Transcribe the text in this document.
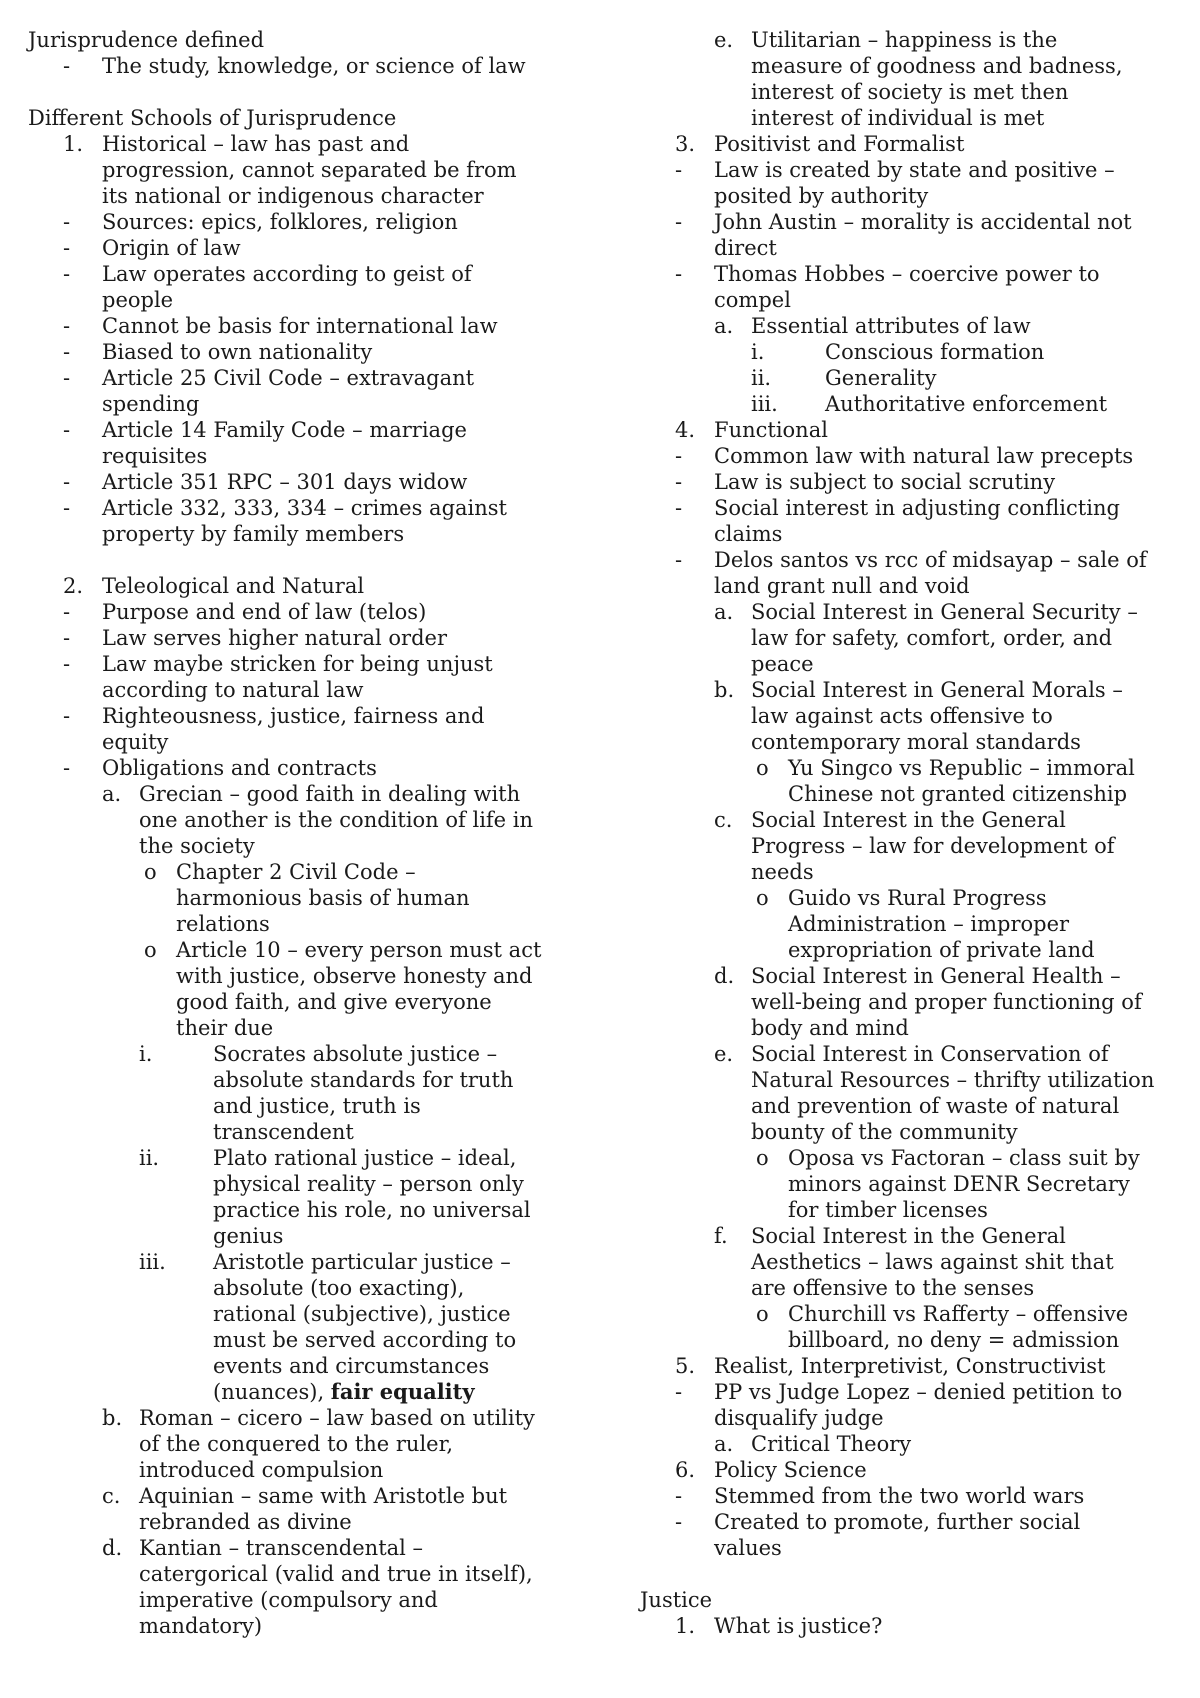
Jurisprudence defined
- The study, knowledge, or science of law
Different Schools of Jurisprudence
1. Historical – law has past and
progression, cannot separated be from
its national or indigenous character
- Sources: epics, folklores, religion
- Origin of law
- Law operates according to geist of
people
- Cannot be basis for international law
- Biased to own nationality
- Article 25 Civil Code – extravagant
spending
- Article 14 Family Code – marriage
requisites
- Article 351 RPC – 301 days widow
- Article 332, 333, 334 – crimes against
property by family members
2. Teleological and Natural
- Purpose and end of law (telos)
- Law serves higher natural order
- Law maybe stricken for being unjust
according to natural law
- Righteousness, justice, fairness and
equity
- Obligations and contracts
a. Grecian – good faith in dealing with
one another is the condition of life in
the society
o Chapter 2 Civil Code –
harmonious basis of human
relations
o Article 10 – every person must act
with justice, observe honesty and
good faith, and give everyone
their due
i.	Socrates absolute justice –
absolute standards for truth
and justice, truth is
transcendent
ii.	Plato rational justice – ideal,
physical reality – person only
practice his role, no universal
genius
iii. Aristotle particular justice –
absolute (too exacting),
rational (subjective), justice
must be served according to
events and circumstances
(nuances), fair equality
b. Roman – cicero – law based on utility
of the conquered to the ruler,
introduced compulsion
c. Aquinian – same with Aristotle but
rebranded as divine
d. Kantian – transcendental –
catergorical (valid and true in itself),
imperative (compulsory and
mandatory)
e. Utilitarian – happiness is the
measure of goodness and badness,
interest of society is met then
interest of individual is met
3. Positivist and Formalist
- Law is created by state and positive –
posited by authority
- John Austin – morality is accidental not
direct
- Thomas Hobbes – coercive power to
compel
a. Essential attributes of law
i.	Conscious formation
ii.	Generality
iii. Authoritative enforcement
4. Functional
- Common law with natural law precepts
- Law is subject to social scrutiny
- Social interest in adjusting conflicting
claims
- Delos santos vs rcc of midsayap – sale of
land grant null and void
a. Social Interest in General Security –
law for safety, comfort, order, and
peace
b. Social Interest in General Morals –
law against acts offensive to
contemporary moral standards
o Yu Singco vs Republic – immoral
Chinese not granted citizenship
c. Social Interest in the General
Progress – law for development of
needs
o Guido vs Rural Progress
Administration – improper
expropriation of private land
d. Social Interest in General Health –
well-being and proper functioning of
body and mind
e. Social Interest in Conservation of
Natural Resources – thrifty utilization
and prevention of waste of natural
bounty of the community
o Oposa vs Factoran – class suit by
minors against DENR Secretary
for timber licenses
f. Social Interest in the General
Aesthetics – laws against shit that
are offensive to the senses
o Churchill vs Rafferty – offensive
billboard, no deny = admission
5. Realist, Interpretivist, Constructivist
- PP vs Judge Lopez – denied petition to
disqualify judge
a. Critical Theory
6. Policy Science
- Stemmed from the two world wars
- Created to promote, further social
values
Justice
1. What is justice?
